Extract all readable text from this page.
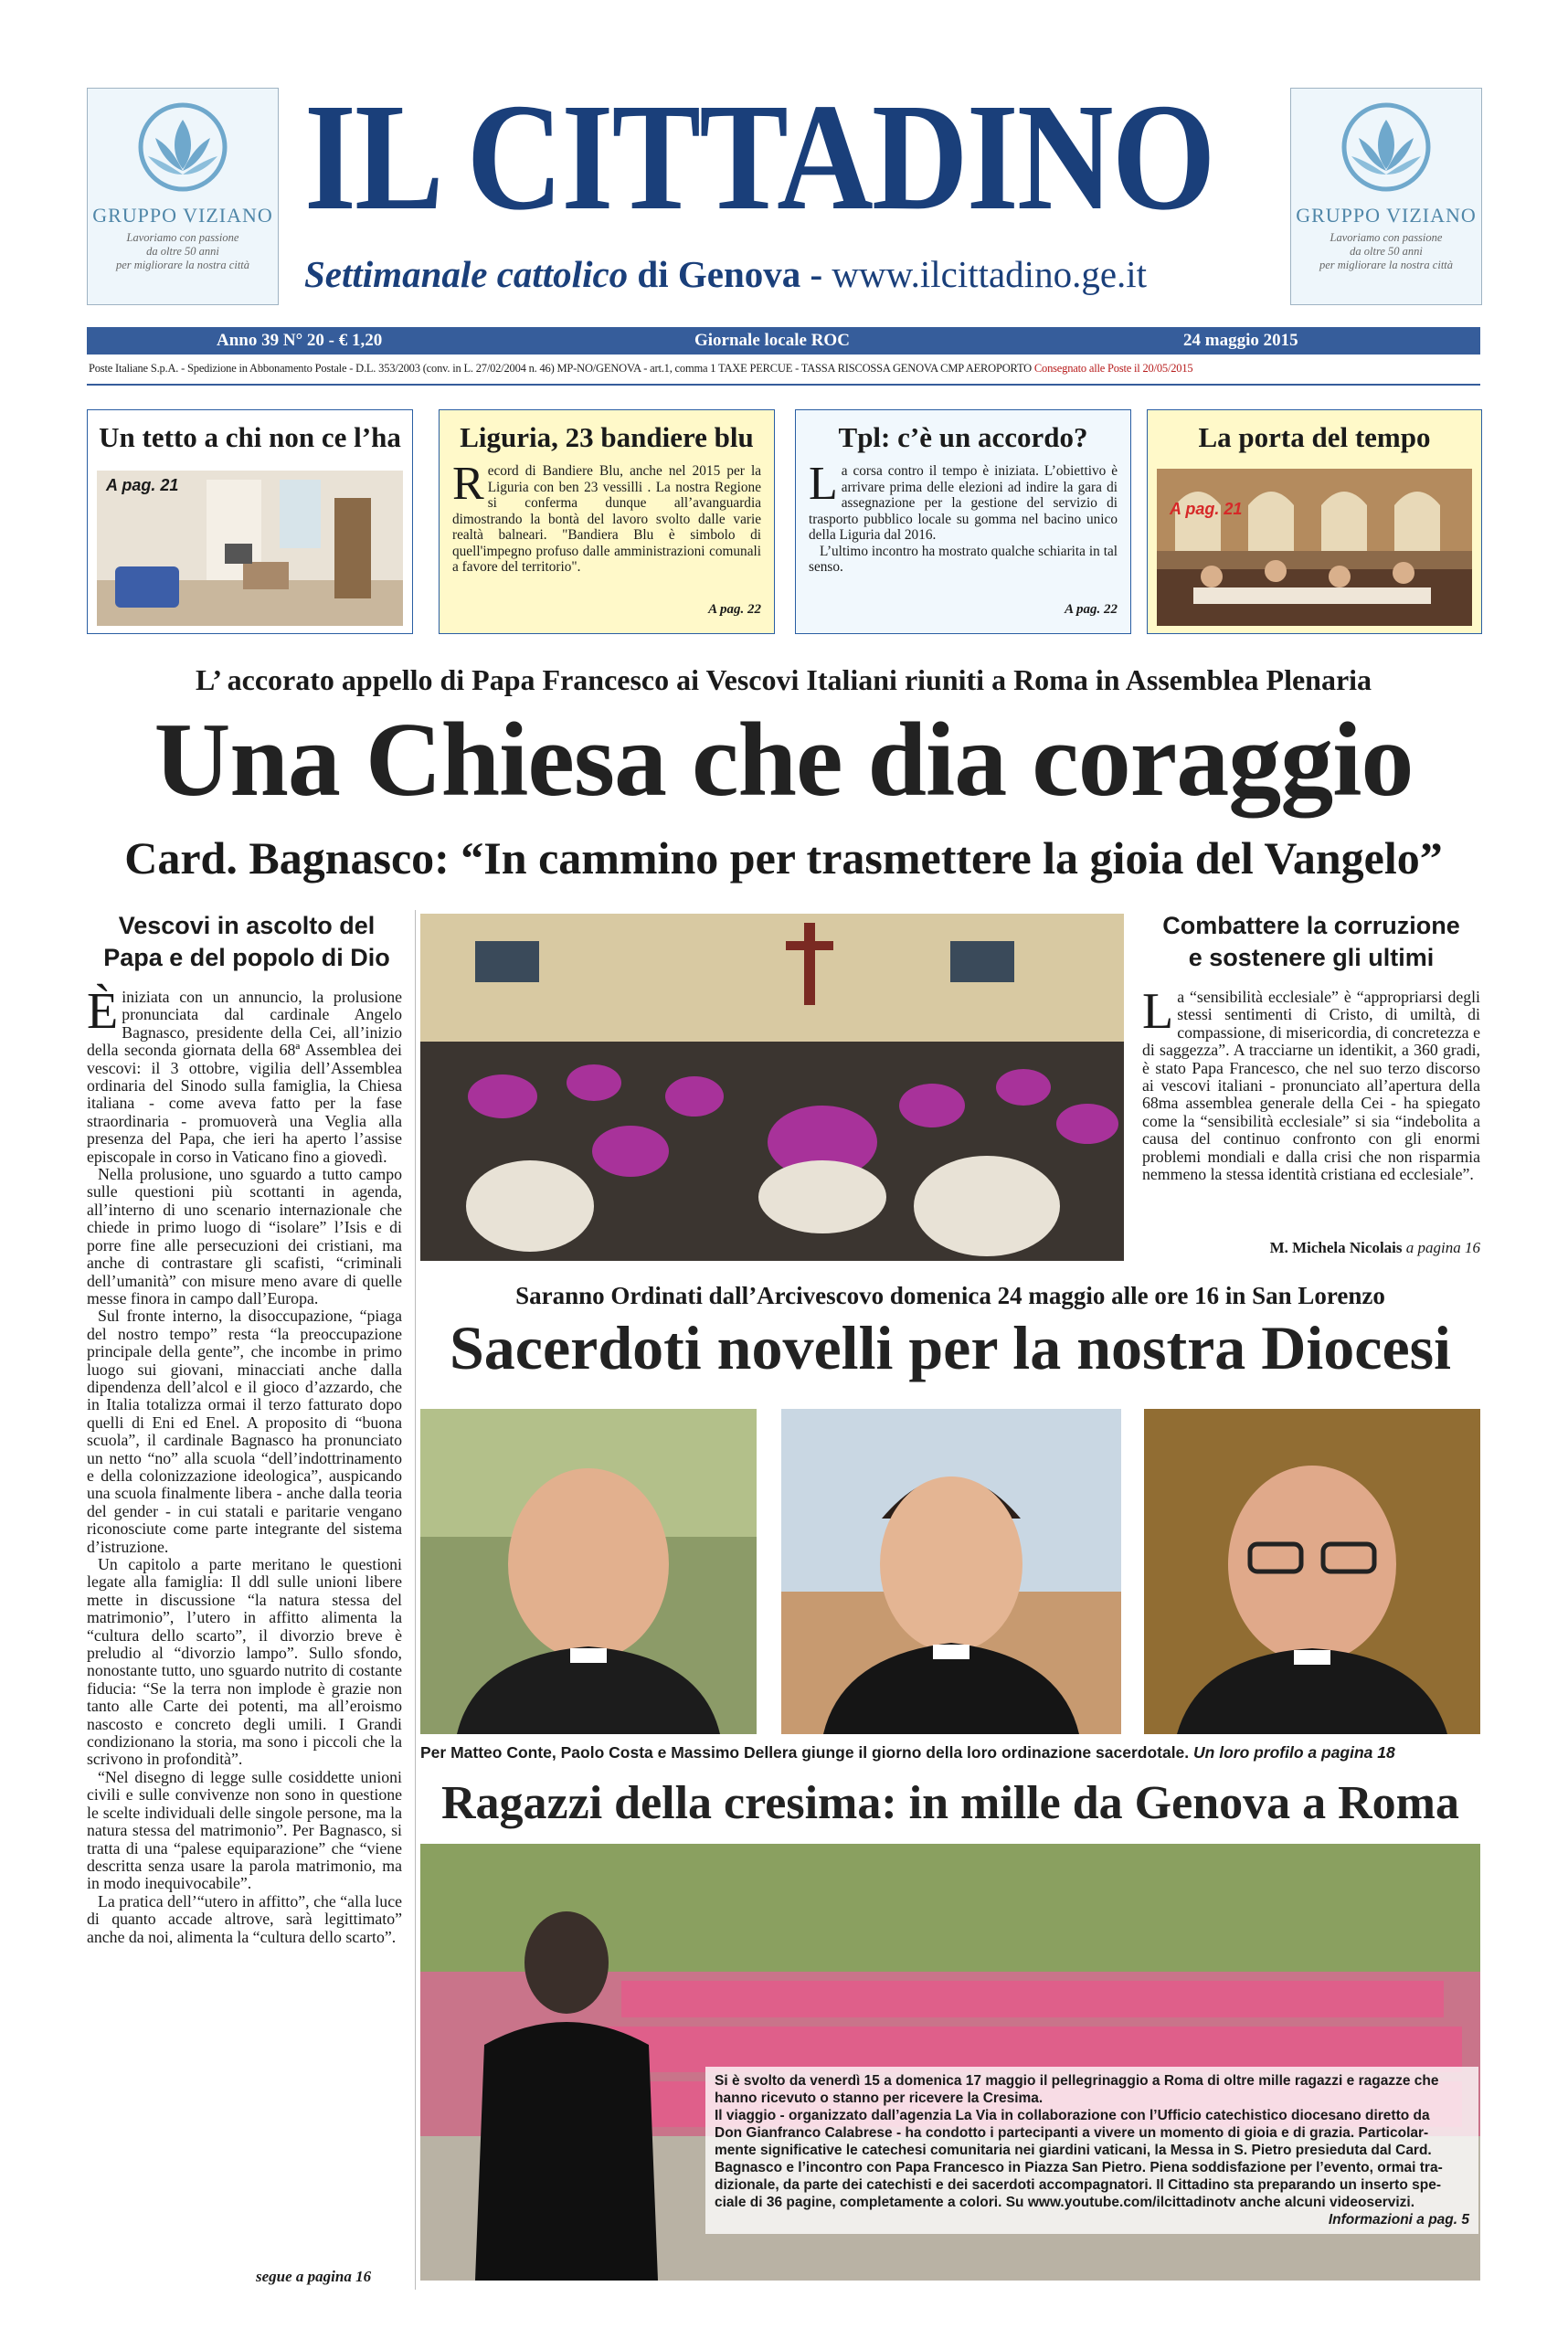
GRUPPO VIZIANO
Lavoriamo con passione
da oltre 50 anni
per migliorare la nostra città
GRUPPO VIZIANO
Lavoriamo con passione
da oltre 50 anni
per migliorare la nostra città
IL CITTADINO
Settimanale cattolico di Genova - www.ilcittadino.ge.it
Anno 39 N° 20 - € 1,20	Giornale locale ROC	24 maggio 2015
Poste Italiane S.p.A. - Spedizione in Abbonamento Postale - D.L. 353/2003 (conv. in L. 27/02/2004 n. 46) MP-NO/GENOVA - art.1, comma 1 TAXE PERCUE - TASSA RISCOSSA GENOVA CMP AEROPORTO Consegnato alle Poste il 20/05/2015
Un tetto a chi non ce l’ha
A pag. 21
Liguria, 23 bandiere blu
Record di Bandiere Blu, anche nel 2015 per la Liguria con ben 23 vessilli . La nostra Regione si conferma dunque all’avanguardia dimostrando la bontà del lavoro svolto dalle varie realtà balneari. "Bandiera Blu è simbolo di quell'impegno profuso dalle amministrazioni comunali a favore del territorio".
A pag. 22
Tpl: c’è un accordo?
La corsa contro il tempo è iniziata. L’obiettivo è arrivare prima delle elezioni ad indire la gara di assegnazione per la gestione del servizio di trasporto pubblico locale su gomma nel bacino unico della Liguria dal 2016.
L’ultimo incontro ha mostrato qualche schiarita in tal senso.
A pag. 22
La porta del tempo
A pag. 21
L’ accorato appello di Papa Francesco ai Vescovi Italiani riuniti a Roma in Assemblea Plenaria
Una Chiesa che dia coraggio
Card. Bagnasco: “In cammino per trasmettere la gioia del Vangelo”
Vescovi in ascolto del
Papa e del popolo di Dio

Èiniziata con un annuncio, la prolusione pronunciata dal cardinale Angelo Bagnasco, presidente della Cei, all’inizio della seconda giornata della 68ª Assemblea dei vescovi: il 3 ottobre, vigilia dell’Assemblea ordinaria del Sinodo sulla famiglia, la Chiesa italiana - come aveva fatto per la fase straordinaria - promuoverà una Veglia alla presenza del Papa, che ieri ha aperto l’assise episcopale in corso in Vaticano fino a giovedì.

Nella prolusione, uno sguardo a tutto campo sulle questioni più scottanti in agenda, all’interno di uno scenario internazionale che chiede in primo luogo di “isolare” l’Isis e di porre fine alle persecuzioni dei cristiani, ma anche di contrastare gli scafisti, “criminali dell’umanità” con misure meno avare di quelle messe finora in campo dall’Europa.

Sul fronte interno, la disoccupazione, “piaga del nostro tempo” resta “la preoccupazione principale della gente”, che incombe in primo luogo sui giovani, minacciati anche dalla dipendenza dell’alcol e il gioco d’azzardo, che in Italia totalizza ormai il terzo fatturato dopo quelli di Eni ed Enel. A proposito di “buona scuola”, il cardinale Bagnasco ha pronunciato un netto “no” alla scuola “dell’indottrinamento e della colonizzazione ideologica”, auspicando una scuola finalmente libera - anche dalla teoria del gender - in cui statali e paritarie vengano riconosciute come parte integrante del sistema d’istruzione.

Un capitolo a parte meritano le questioni legate alla famiglia: Il ddl sulle unioni libere mette in discussione “la natura stessa del matrimonio”, l’utero in affitto alimenta la “cultura dello scarto”, il divorzio breve è preludio al “divorzio lampo”. Sullo sfondo, nonostante tutto, uno sguardo nutrito di costante fiducia: “Se la terra non implode è grazie non tanto alle Carte dei potenti, ma all’eroismo nascosto e concreto degli umili. I Grandi condizionano la storia, ma sono i piccoli che la scrivono in profondità”.

“Nel disegno di legge sulle cosiddette unioni civili e sulle convivenze non sono in questione le scelte individuali delle singole persone, ma la natura stessa del matrimonio”. Per Bagnasco, si tratta di una “palese equiparazione” che “viene descritta senza usare la parola matrimonio, ma in modo inequivocabile”.

La pratica dell’“utero in affitto”, che “alla luce di quanto accade altrove, sarà legittimato” anche da noi, alimenta la “cultura dello scarto”.

segue a pagina 16
Combattere la corruzione
e sostenere gli ultimi

La “sensibilità ecclesiale” è “appropriarsi degli stessi sentimenti di Cristo, di umiltà, di compassione, di misericordia, di concretezza e di saggezza”. A tracciarne un identikit, a 360 gradi, è stato Papa Francesco, che nel suo terzo discorso ai vescovi italiani - pronunciato all’apertura della 68ma assemblea generale della Cei - ha spiegato come la “sensibilità ecclesiale” si sia “indebolita a causa del continuo confronto con gli enormi problemi mondiali e dalla crisi che non risparmia nemmeno la stessa identità cristiana ed ecclesiale”.

M. Michela Nicolais a pagina 16
Saranno Ordinati dall’Arcivescovo domenica 24 maggio alle ore 16 in San Lorenzo
Sacerdoti novelli per la nostra Diocesi
Per Matteo Conte, Paolo Costa e Massimo Dellera giunge il giorno della loro ordinazione sacerdotale. Un loro profilo a pagina 18
Ragazzi della cresima: in mille da Genova a Roma
Si è svolto da venerdì 15 a domenica 17 maggio il pellegrinaggio a Roma di oltre mille ragazzi e ragazze che
hanno ricevuto o stanno per ricevere la Cresima.
Il viaggio - organizzato dall’agenzia La Via in collaborazione con l’Ufficio catechistico diocesano diretto da
Don Gianfranco Calabrese - ha condotto i partecipanti a vivere un momento di gioia e di grazia. Particolar-
mente significative le catechesi comunitaria nei giardini vaticani, la Messa in S. Pietro presieduta dal Card.
Bagnasco e l’incontro con Papa Francesco in Piazza San Pietro. Piena soddisfazione per l’evento, ormai tra-
dizionale, da parte dei catechisti e dei sacerdoti accompagnatori. Il Cittadino sta preparando un inserto spe-
ciale di 36 pagine, completamente a colori. Su www.youtube.com/ilcittadinotv anche alcuni videoservizi.
Informazioni a pag. 5
